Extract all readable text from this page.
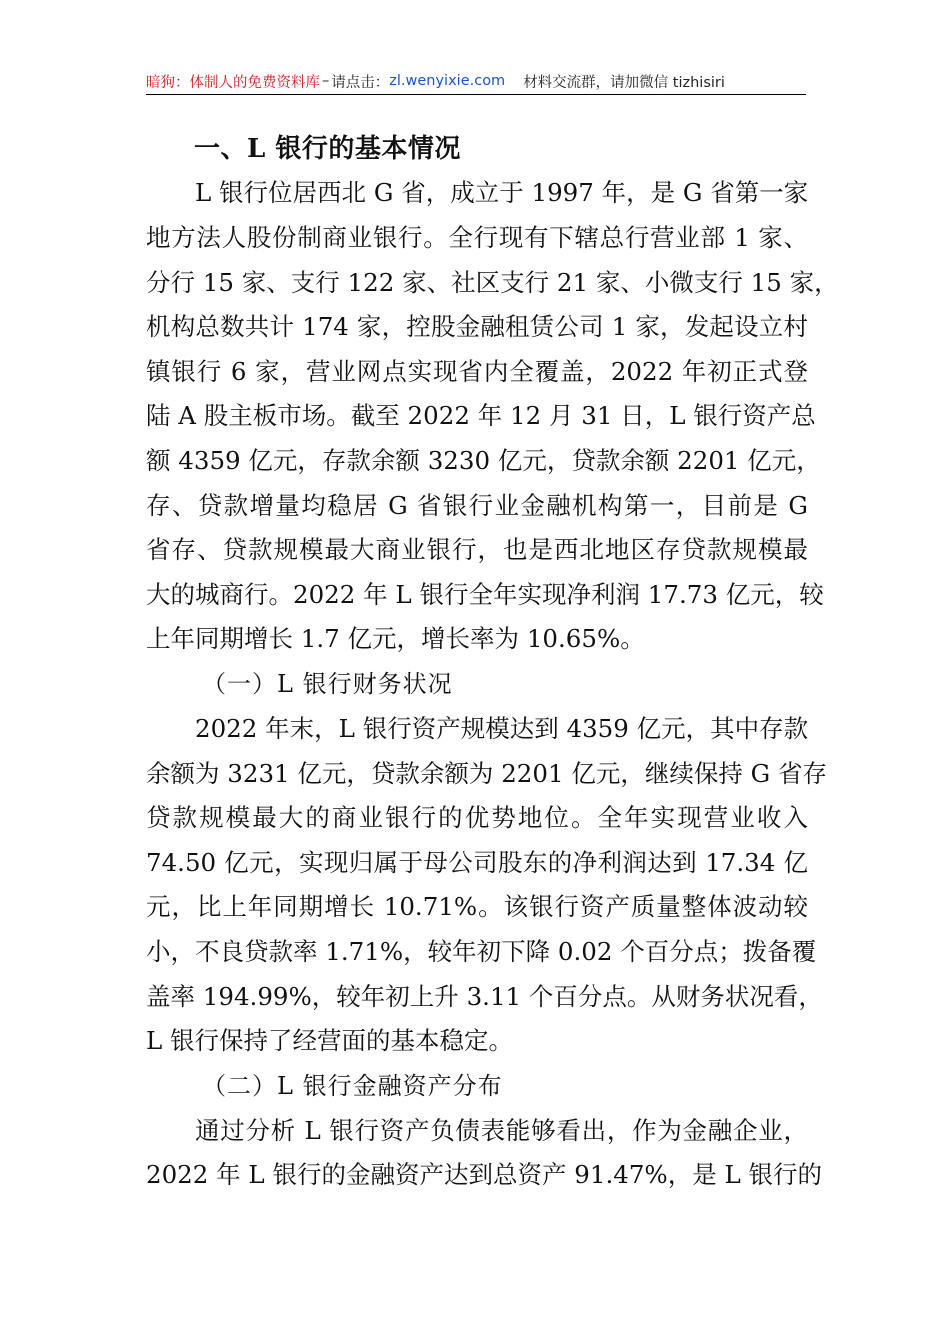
暗狗：体制人的免费资料库 – 请点击： zl.wenyixie.com 材料交流群，请加微信 tizhisiri
一、L 银行的基本情况
L 银行位居西北 G 省，成立于 1997 年，是 G 省第一家
地方法人股份制商业银行。全行现有下辖总行营业部 1 家、
分行 15 家、支行 122 家、社区支行 21 家、小微支行 15 家，
机构总数共计 174 家，控股金融租赁公司 1 家，发起设立村
镇银行 6 家，营业网点实现省内全覆盖，2022 年初正式登
陆 A 股主板市场。截至 2022 年 12 月 31 日，L 银行资产总
额 4359 亿元，存款余额 3230 亿元，贷款余额 2201 亿元，
存、贷款增量均稳居 G 省银行业金融机构第一，目前是 G
省存、贷款规模最大商业银行，也是西北地区存贷款规模最
大的城商行。2022 年 L 银行全年实现净利润 17.73 亿元，较
上年同期增长 1.7 亿元，增长率为 10.65%。
（一）L 银行财务状况
2022 年末，L 银行资产规模达到 4359 亿元，其中存款
余额为 3231 亿元，贷款余额为 2201 亿元，继续保持 G 省存
贷款规模最大的商业银行的优势地位。全年实现营业收入
74.50 亿元，实现归属于母公司股东的净利润达到 17.34 亿
元，比上年同期增长 10.71%。该银行资产质量整体波动较
小，不良贷款率 1.71%，较年初下降 0.02 个百分点；拨备覆
盖率 194.99%，较年初上升 3.11 个百分点。从财务状况看，
L 银行保持了经营面的基本稳定。
（二）L 银行金融资产分布
通过分析 L 银行资产负债表能够看出，作为金融企业，
2022 年 L 银行的金融资产达到总资产 91.47%，是 L 银行的
